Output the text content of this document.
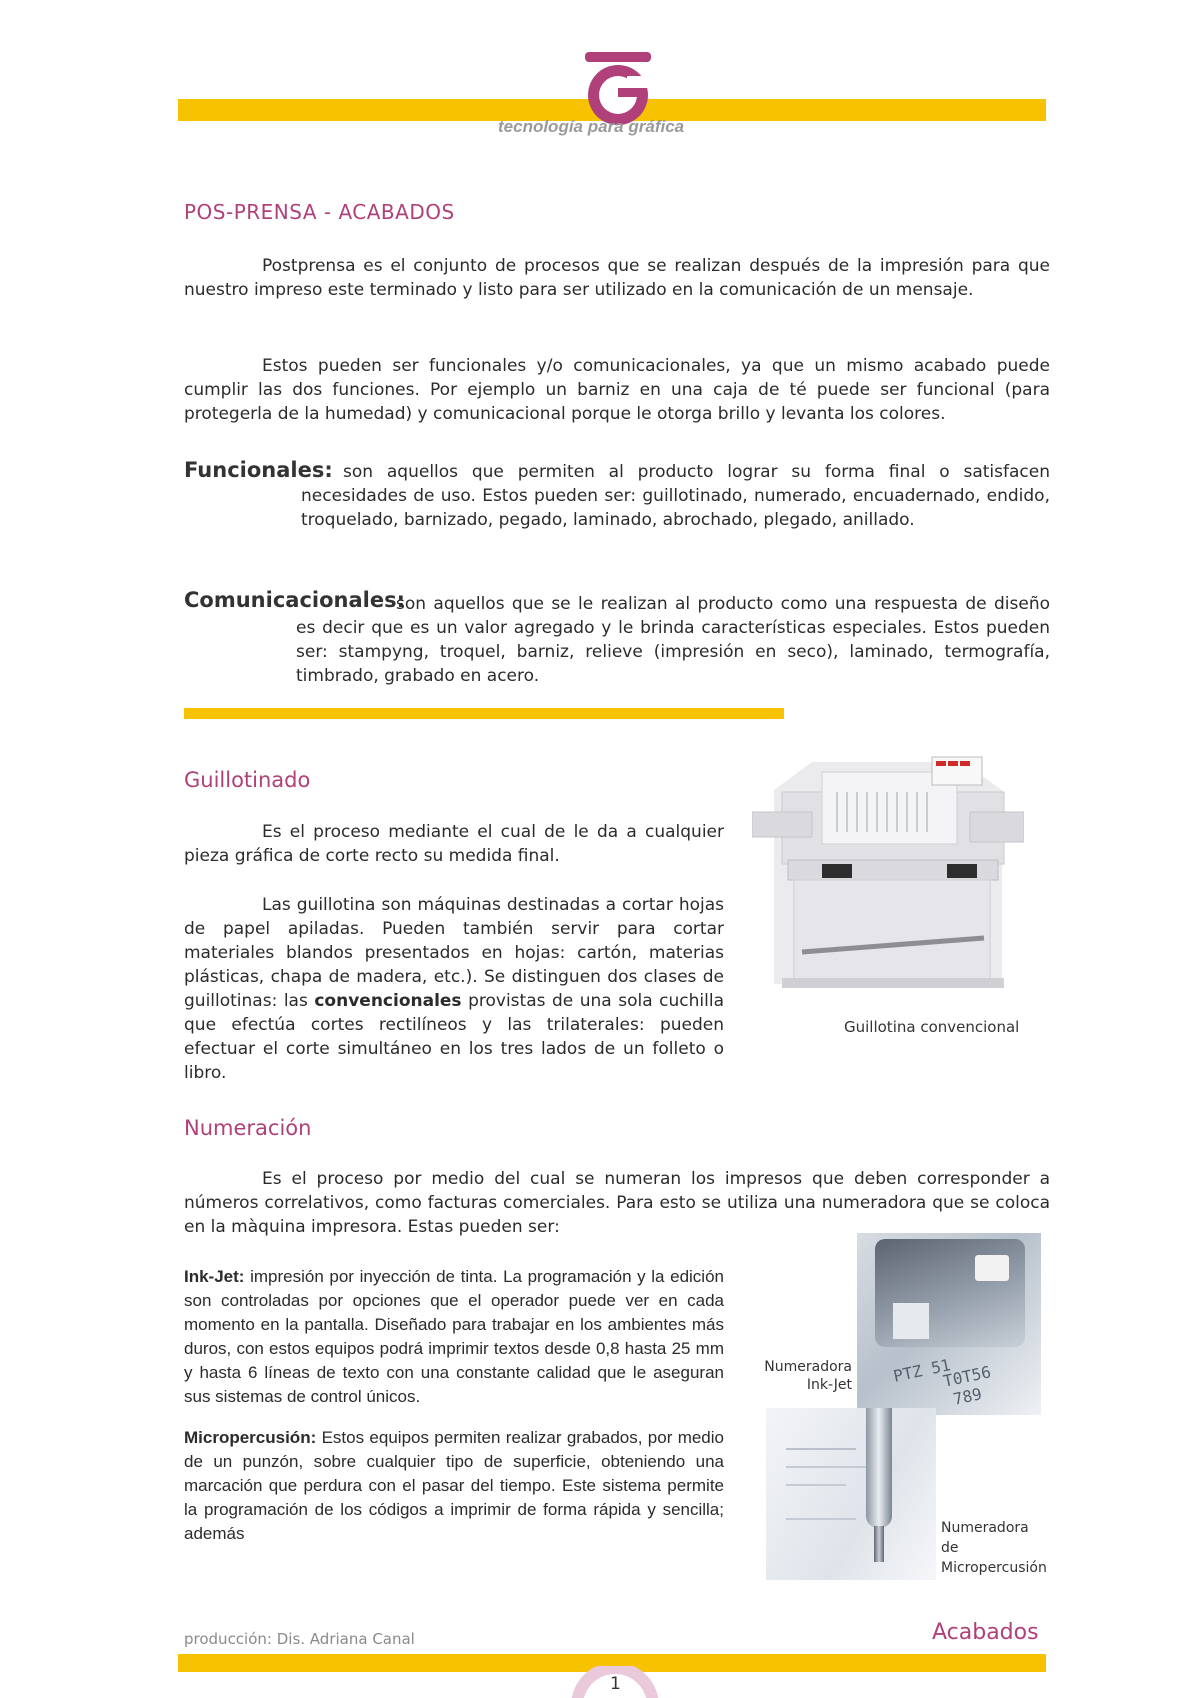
tecnología para gráfica
POS-PRENSA - ACABADOS

Postprensa es el conjunto de procesos que se realizan después de la impresión para que nuestro impreso este terminado y listo para ser utilizado en la comunicación de un mensaje.

Estos pueden ser funcionales y/o comunicacionales, ya que un mismo acabado puede cumplir las dos funciones. Por ejemplo un barniz en una caja de té puede ser funcional (para protegerla de la humedad) y comunicacional porque le otorga brillo y levanta los colores.

Funcionales: son aquellos que permiten al producto lograr su forma final o satisfacen necesidades de uso. Estos pueden ser: guillotinado, numerado, encuadernado, endido, troquelado, barnizado, pegado, laminado, abrochado, plegado, anillado.

Comunicacionales:

son aquellos que se le realizan al producto como una respuesta de diseño es decir que es un valor agregado y le brinda características especiales. Estos pueden ser: stampyng, troquel, barniz, relieve (impresión en seco), laminado, termografía, timbrado, grabado en acero.

Guillotinado

Es el proceso mediante el cual de le da a cualquier pieza gráfica de corte recto su medida final.

Las guillotina son máquinas destinadas a cortar hojas de papel apiladas. Pueden también servir para cortar materiales blandos presentados en hojas: cartón, materias plásticas, chapa de madera, etc.). Se distinguen dos clases de guillotinas: las convencionales provistas de una sola cuchilla que efectúa cortes rectilíneos y las trilaterales: pueden efectuar el corte simultáneo en los tres lados de un folleto o libro.

Guillotina convencional
Numeración

Es el proceso por medio del cual se numeran los impresos que deben corresponder a números correlativos, como facturas comerciales. Para esto se utiliza una numeradora que se coloca en la màquina impresora. Estas pueden ser:

Ink-Jet: impresión por inyección de tinta. La programación y la edición son controladas por opciones que el operador puede ver en cada momento en la pantalla. Diseñado para trabajar en los ambientes más duros, con estos equipos podrá imprimir textos desde 0,8 hasta 25 mm y hasta 6 líneas de texto con una constante calidad que le aseguran sus sistemas de control únicos.

Micropercusión: Estos equipos permiten realizar grabados, por medio de un punzón, sobre cualquier tipo de superficie, obteniendo una marcación que perdura con el pasar del tiempo. Este sistema permite la programación de los códigos a imprimir de forma rápida y sencilla; además

PTZ 51
T0T56
789
Numeradora
Ink-Jet
Numeradora
de
Micropercusión
producción: Dis. Adriana Canal	Acabados
1
